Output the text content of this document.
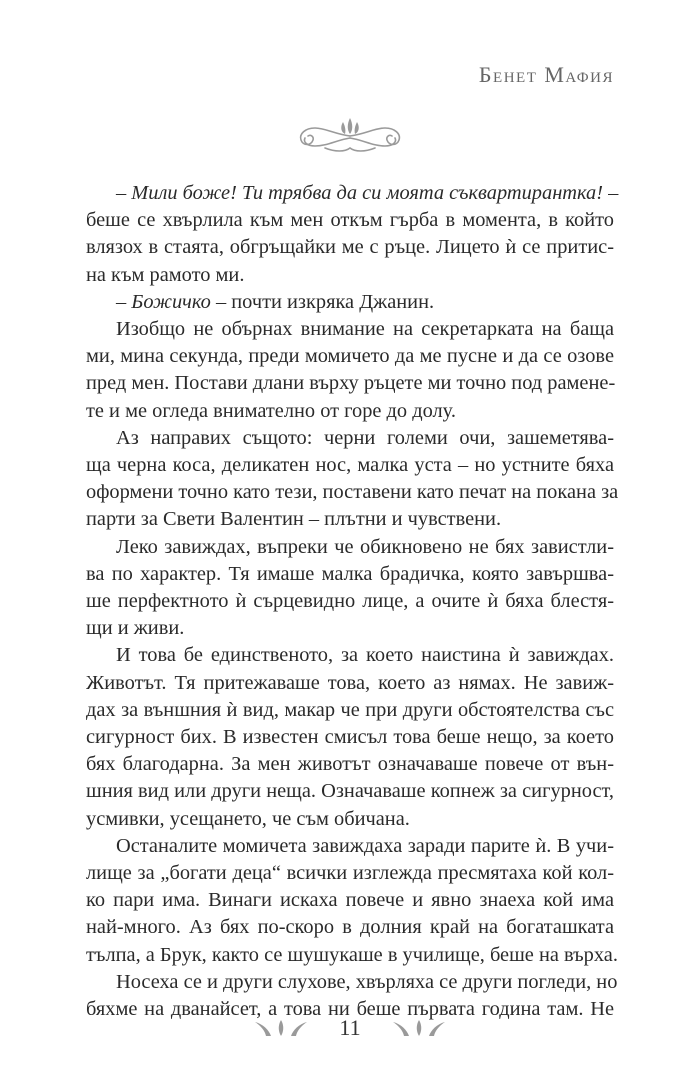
Бенет Мафия
– Мили боже! Ти трябва да си моята съквартирантка! –
беше се хвърлила към мен откъм гърба в момента, в който
влязох в стаята, обгръщайки ме с ръце. Лицето ѝ се притис-
на към рамото ми.
– Божичко – почти изкряка Джанин.
Изобщо не обърнах внимание на секретарката на баща
ми, мина секунда, преди момичето да ме пусне и да се озове
пред мен. Постави длани върху ръцете ми точно под рамене-
те и ме огледа внимателно от горе до долу.
Аз направих същото: черни големи очи, зашеметява-
ща черна коса, деликатен нос, малка уста – но устните бяха
оформени точно като тези, поставени като печат на покана за
парти за Свети Валентин – плътни и чувствени.
Леко завиждах, въпреки че обикновено не бях завистли-
ва по характер. Тя имаше малка брадичка, която завършва-
ше перфектното ѝ сърцевидно лице, а очите ѝ бяха блестя-
щи и живи.
И това бе единственото, за което наистина ѝ завиждах.
Животът. Тя притежаваше това, което аз нямах. Не завиж-
дах за външния ѝ вид, макар че при други обстоятелства със
сигурност бих. В известен смисъл това беше нещо, за което
бях благодарна. За мен животът означаваше повече от вън-
шния вид или други неща. Означаваше копнеж за сигурност,
усмивки, усещането, че съм обичана.
Останалите момичета завиждаха заради парите ѝ. В учи-
лище за „богати деца“ всички изглежда пресмятаха кой кол-
ко пари има. Винаги искаха повече и явно знаеха кой има
най-много. Аз бях по-скоро в долния край на богаташката
тълпа, а Брук, както се шушукаше в училище, беше на върха.
Носеха се и други слухове, хвърляха се други погледи, но
бяхме на дванайсет, а това ни беше първата година там. Не
11
